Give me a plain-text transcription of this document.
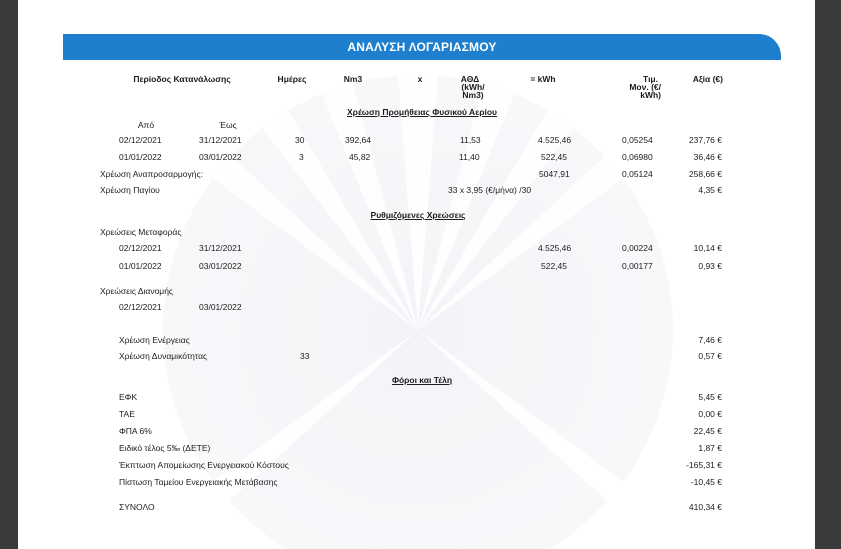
ΑΝΑΛΥΣΗ ΛΟΓΑΡΙΑΣΜΟΥ
Περίοδος Κατανάλωσης	Ημέρες	Nm3	x	ΑΘΔ
(kWh/
Nm3)
= kWh	Τιμ.
Μον. (€/
kWh)
Αξία (€)
Χρέωση Προμήθειας Φυσικού Αερίου
Από	Έως
02/12/2021	31/12/2021	30	392,64	11,53	4.525,46	0,05254	237,76 €
01/01/2022	03/01/2022	3	45,82	11,40	522,45	0,06980	36,46 €
Χρέωση Αναπροσαρμογής:	5047,91	0,05124	258,66 €
Χρέωση Παγίου	33 x 3,95 (€/μήνα) /30	4,35 €
Ρυθμιζόμενες Χρεώσεις
Χρεώσεις Μεταφοράς
02/12/2021	31/12/2021	4.525,46	0,00224	10,14 €
01/01/2022	03/01/2022	522,45	0,00177	0,93 €
Χρεώσεις Διανομής
02/12/2021	03/01/2022
Χρέωση Ενέργειας	7,46 €
Χρέωση Δυναμικότητας	33	0,57 €
Φόροι και Τέλη
ΕΦΚ	5,45 €
ΤΑΕ	0,00 €
ΦΠΑ 6%	22,45 €
Ειδικό τέλος 5‰ (ΔΕΤΕ)	1,87 €
Έκπτωση Απομείωσης Ενεργειακού Κόστους	-165,31 €
Πίστωση Ταμείου Ενεργειακής Μετάβασης	-10,45 €
ΣΥΝΟΛΟ	410,34 €
